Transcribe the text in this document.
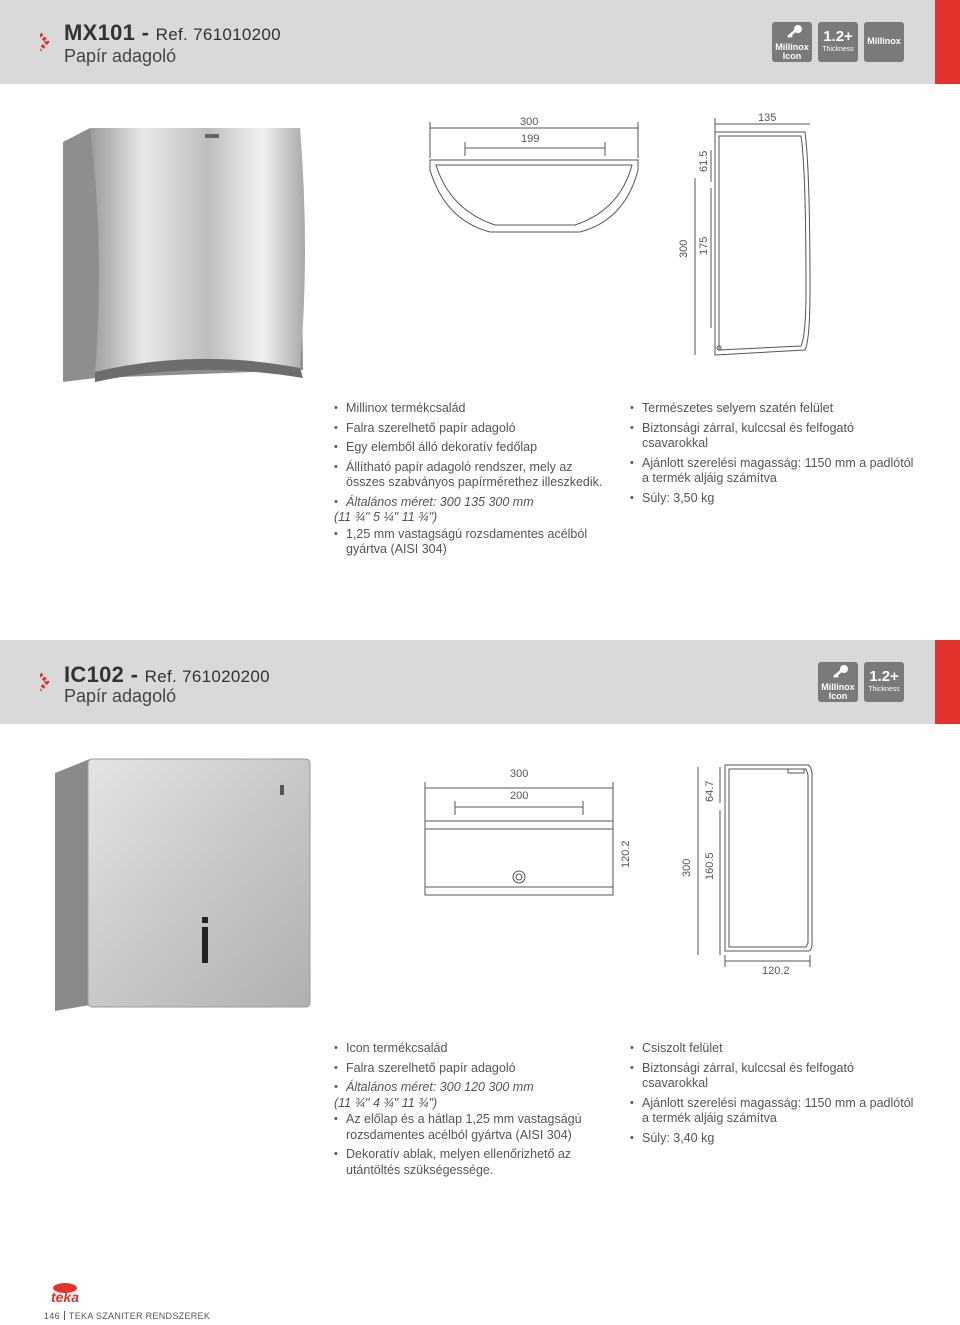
MX101 - Ref. 761010200
Papír adagoló	Millinox
Icon
1.2+
Thickness
Millinox
300
199
135
61.5
300 175
• Millinox termékcsalád
• Falra szerelhető papír adagoló
• Egy elemből álló dekoratív fedőlap
• Állítható papír adagoló rendszer, mely az összes szabványos papírmérethez illeszkedik.
• Általános méret: 300 135 300 mm
(11 ¾" 5 ¼" 11 ¾")
• 1,25 mm vastagságú rozsdamentes acélból gyártva (AISI 304)
• Természetes selyem szatén felület
• Biztonsági zárral, kulccsal és felfogató csavarokkal
• Ajánlott szerelési magasság: 1150 mm a padlótól a termék aljáig számítva
• Súly: 3,50 kg
IC102 - Ref. 761020200
Papír adagoló	Millinox
Icon
1.2+
Thickness
300
200
120.2
64.7
300 160.5
120.2
• Icon termékcsalád
• Falra szerelhető papír adagoló
• Általános méret: 300 120 300 mm
(11 ¾" 4 ¾" 11 ¾")
• Az előlap és a hátlap 1,25 mm vastagságú rozsdamentes acélból gyártva (AISI 304)
• Dekoratív ablak, melyen ellenőrizhető az utántöltés szükségessége.
• Csiszolt felület
• Biztonsági zárral, kulccsal és felfogató csavarokkal
• Ajánlott szerelési magasság: 1150 mm a padlótól a termék aljáig számítva
• Súly: 3,40 kg
teka
146 TEKA SZANITER RENDSZEREK
